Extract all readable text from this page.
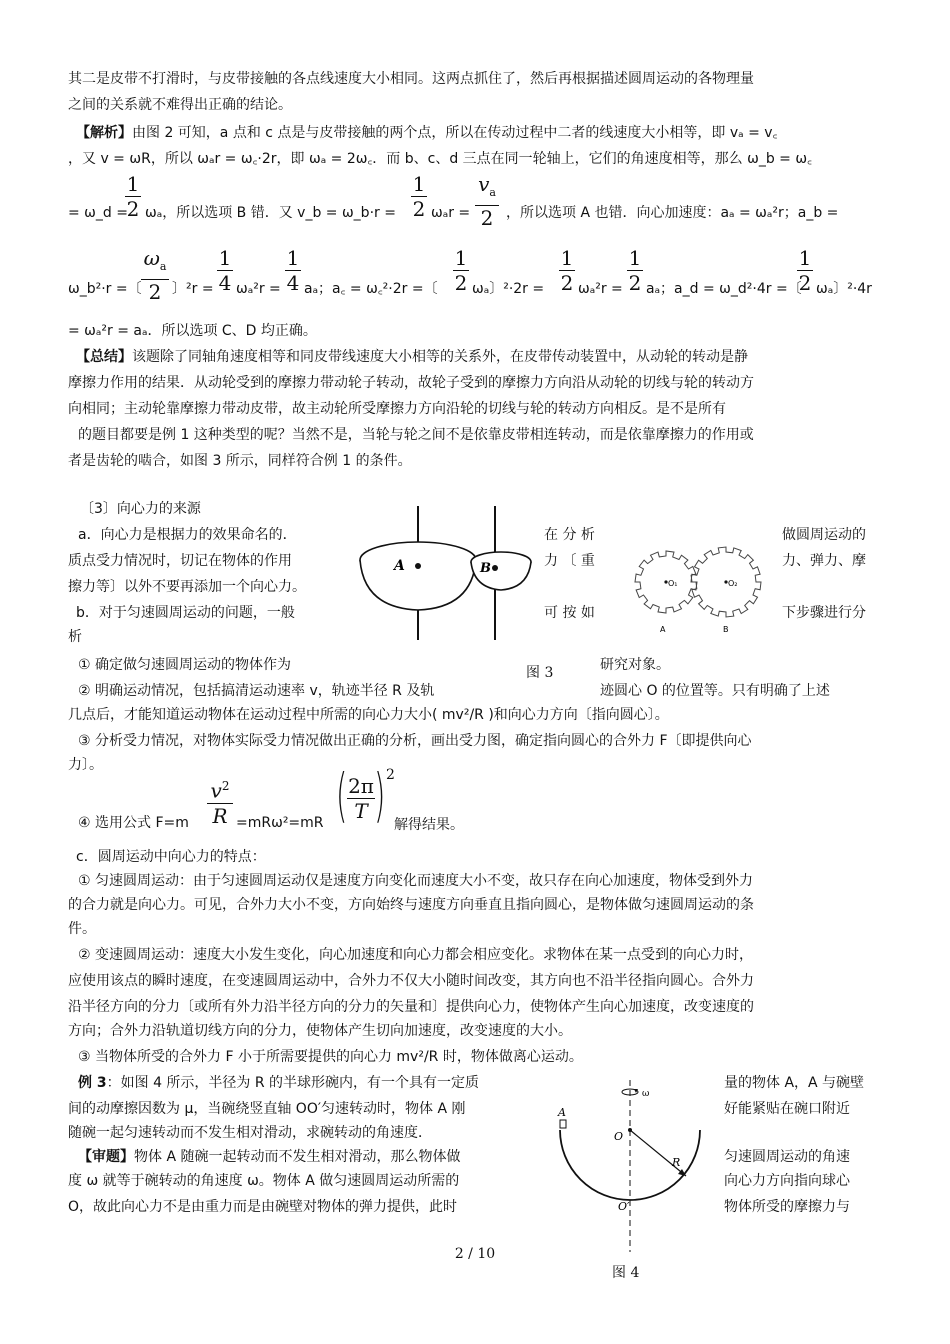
其二是皮带不打滑时，与皮带接触的各点线速度大小相同。这两点抓住了，然后再根据描述圆周运动的各物理量
之间的关系就不难得出正确的结论。
【解析】由图 2 可知，a 点和 c 点是与皮带接触的两个点，所以在传动过程中二者的线速度大小相等，即 vₐ = v꜀
，又 v = ωR，所以 ωₐr = ω꜀·2r，即 ωₐ = 2ω꜀．而 b、c、d 三点在同一轮轴上，它们的角速度相等，那么 ω_b = ω꜀
= ω_d =
1
2 ωₐ，所以选项 B 错．又 v_b = ω_b·r =
1
2 ωₐr =
$v_a$
2 ，所以选项 A 也错．向心加速度：aₐ = ωₐ²r；a_b =
ω_b²·r =〔
$\omega_a$
2 〕²r =
1
4 ωₐ²r =
1
4 aₐ；a꜀ = ω꜀²·2r =〔
1
2 ωₐ〕²·2r =
1
2 ωₐ²r =
1
2 aₐ；a_d = ω_d²·4r =〔
1
2 ωₐ〕²·4r
= ωₐ²r = aₐ．所以选项 C、D 均正确。
【总结】该题除了同轴角速度相等和同皮带线速度大小相等的关系外，在皮带传动装置中，从动轮的转动是静
摩擦力作用的结果．从动轮受到的摩擦力带动轮子转动，故轮子受到的摩擦力方向沿从动轮的切线与轮的转动方
向相同；主动轮靠摩擦力带动皮带，故主动轮所受摩擦力方向沿轮的切线与轮的转动方向相反。是不是所有
的题目都要是例 1 这种类型的呢？当然不是，当轮与轮之间不是依靠皮带相连转动，而是依靠摩擦力的作用或
者是齿轮的啮合，如图 3 所示，同样符合例 1 的条件。
〔3〕向心力的来源
a．向心力是根据力的效果命名的．	在 分 析	做圆周运动的
质点受力情况时，切记在物体的作用	力 〔 重	力、弹力、摩
擦力等〕以外不要再添加一个向心力。
b．对于匀速圆周运动的问题，一般	可 按 如	下步骤进行分
析
① 确定做匀速圆周运动的物体作为	研究对象。
② 明确运动情况，包括搞清运动速率 v，轨迹半径 R 及轨	迹圆心 O 的位置等。只有明确了上述
几点后，才能知道运动物体在运动过程中所需的向心力大小( mv²/R )和向心力方向〔指向圆心〕。
③ 分析受力情况，对物体实际受力情况做出正确的分析，画出受力图，确定指向圆心的合外力 F〔即提供向心
力〕。
A	B
图 3
O₁	O₂
A	B
④ 选用公式 F=m
$v^2$
R =mRω²=mR ( 2π
T ) 2
解得结果。
c．圆周运动中向心力的特点：
① 匀速圆周运动：由于匀速圆周运动仅是速度方向变化而速度大小不变，故只存在向心加速度，物体受到外力
的合力就是向心力。可见，合外力大小不变，方向始终与速度方向垂直且指向圆心，是物体做匀速圆周运动的条
件。
② 变速圆周运动：速度大小发生变化，向心加速度和向心力都会相应变化。求物体在某一点受到的向心力时，
应使用该点的瞬时速度，在变速圆周运动中，合外力不仅大小随时间改变，其方向也不沿半径指向圆心。合外力
沿半径方向的分力〔或所有外力沿半径方向的分力的矢量和〕提供向心力，使物体产生向心加速度，改变速度的
方向；合外力沿轨道切线方向的分力，使物体产生切向加速度，改变速度的大小。
③ 当物体所受的合外力 F 小于所需要提供的向心力 mv²/R 时，物体做离心运动。
例 3：如图 4 所示，半径为 R 的半球形碗内，有一个具有一定质	量的物体 A，A 与碗壁
间的动摩擦因数为 μ，当碗绕竖直轴 OO′匀速转动时，物体 A 刚	好能紧贴在碗口附近
随碗一起匀速转动而不发生相对滑动，求碗转动的角速度．
【审题】物体 A 随碗一起转动而不发生相对滑动，那么物体做	匀速圆周运动的角速
度 ω 就等于碗转动的角速度 ω。物体 A 做匀速圆周运动所需的	向心力方向指向球心
O，故此向心力不是由重力而是由碗壁对物体的弹力提供，此时	物体所受的摩擦力与
ω
A
O
R
O′
图 4
2 / 10
